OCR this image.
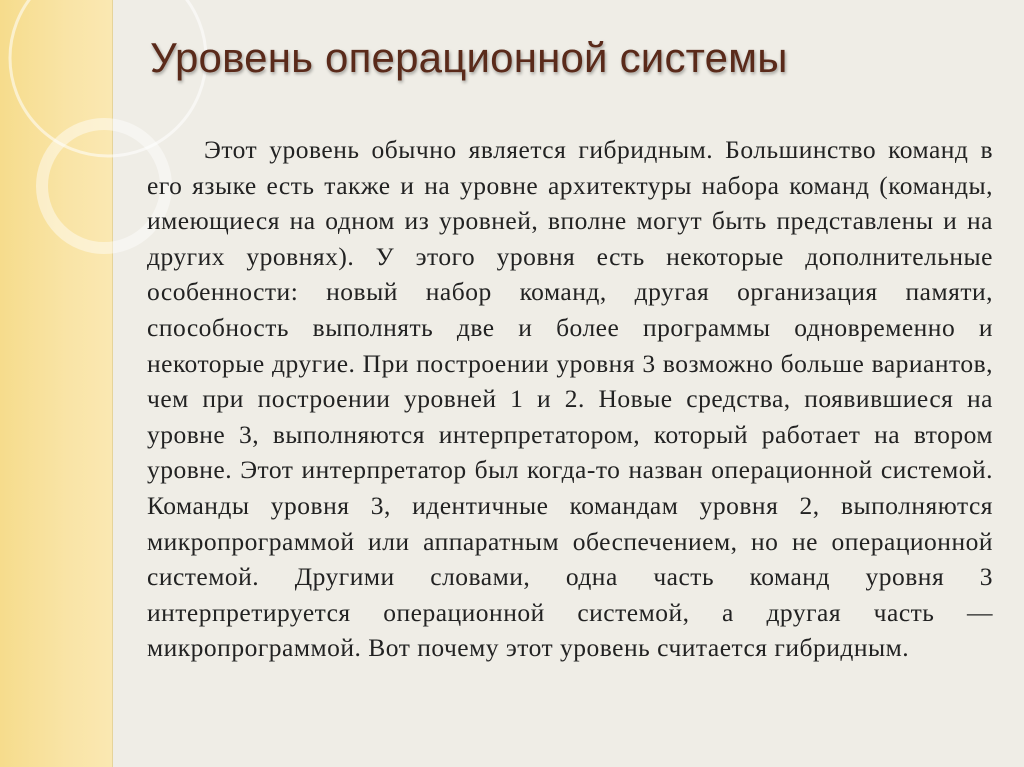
Уровень операционной системы

Этот уровень обычно является гибридным. Большинство команд в его языке есть также и на уровне архитектуры набора команд (команды, имеющиеся на одном из уровней, вполне могут быть представлены и на других уровнях). У этого уровня есть некоторые дополнительные особенности: новый набор команд, другая организация памяти, способность выполнять две и более программы одновременно и некоторые другие. При построении уровня 3 возможно больше вариантов, чем при построении уровней 1 и 2. Новые средства, появившиеся на уровне 3, выполняются интерпретатором, который работает на втором уровне. Этот интерпретатор был когда-то назван операционной системой. Команды уровня 3, идентичные командам уровня 2, выполняются микропрограммой или аппаратным обеспечением, но не операционной системой. Другими словами, одна часть команд уровня 3 интерпретируется операционной системой, а другая часть — микропрограммой. Вот почему этот уровень считается гибридным.
